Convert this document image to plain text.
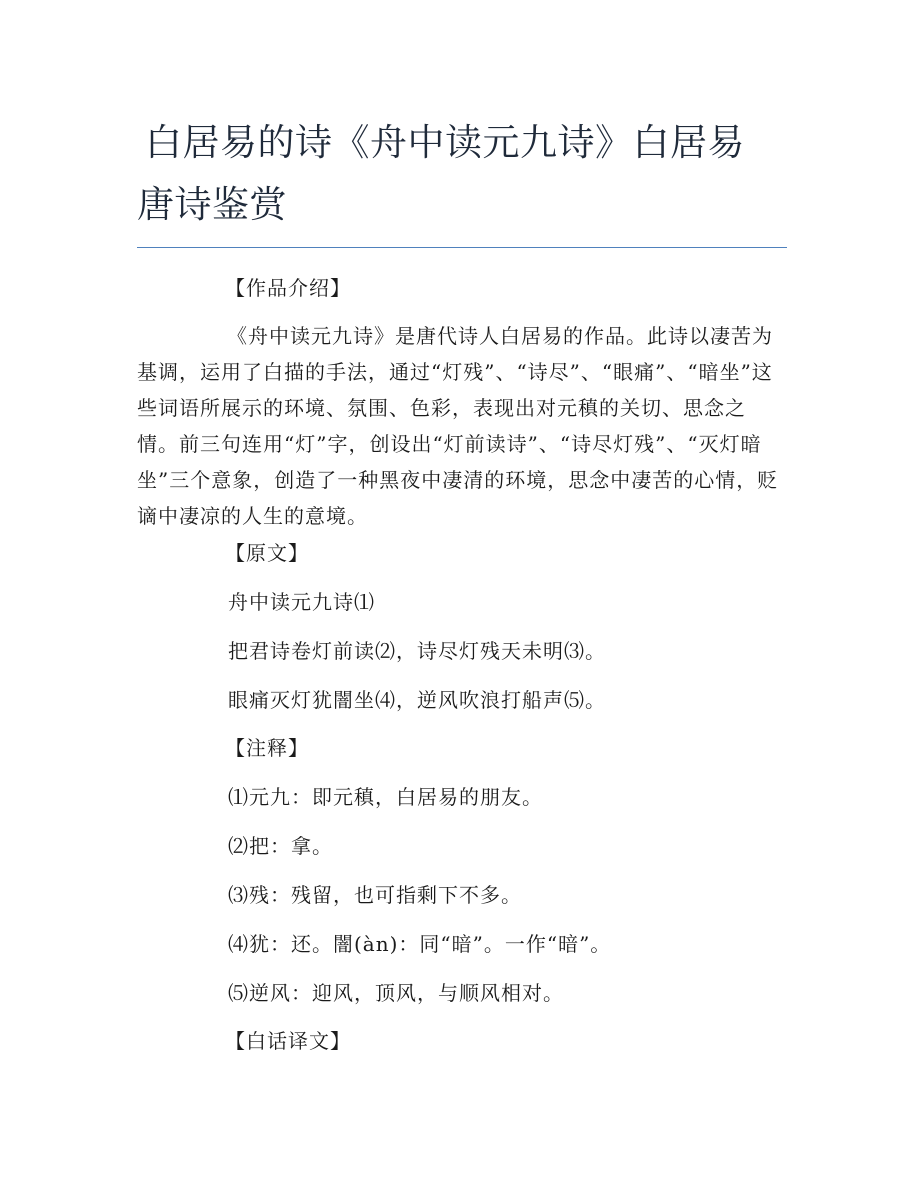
白居易的诗《舟中读元九诗》白居易
唐诗鉴赏

【作品介绍】

《舟中读元九诗》是唐代诗人白居易的作品。此诗以凄苦为基调，运用了白描的手法，通过“灯残”、“诗尽”、“眼痛”、“暗坐”这些词语所展示的环境、氛围、色彩，表现出对元稹的关切、思念之情。前三句连用“灯”字，创设出“灯前读诗”、“诗尽灯残”、“灭灯暗坐”三个意象，创造了一种黑夜中凄清的环境，思念中凄苦的心情，贬谪中凄凉的人生的意境。

【原文】

舟中读元九诗⑴

把君诗卷灯前读⑵，诗尽灯残天未明⑶。

眼痛灭灯犹闇坐⑷，逆风吹浪打船声⑸。

【注释】

⑴元九：即元稹，白居易的朋友。

⑵把：拿。

⑶残：残留，也可指剩下不多。

⑷犹：还。闇(àn)：同“暗”。一作“暗”。

⑸逆风：迎风，顶风，与顺风相对。

【白话译文】
